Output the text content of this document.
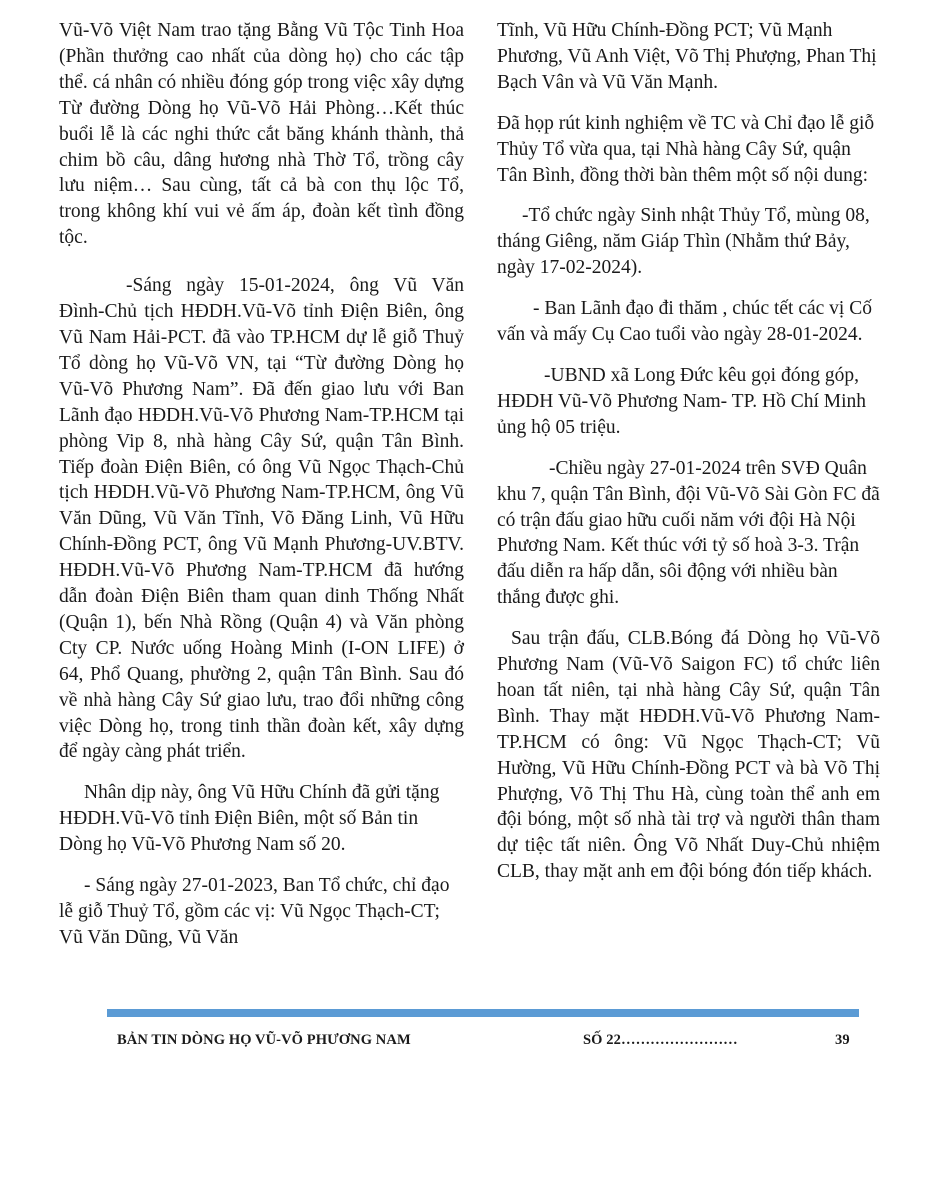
Vũ-Võ Việt Nam trao tặng Bằng Vũ Tộc Tinh Hoa (Phần thưởng cao nhất của dòng họ) cho các tập thể. cá nhân có nhiều đóng góp trong việc xây dựng Từ đường Dòng họ Vũ-Võ Hải Phòng…Kết thúc buổi lễ là các nghi thức cắt băng khánh thành, thả chim bồ câu, dâng hương nhà Thờ Tổ, trồng cây lưu niệm… Sau cùng, tất cả bà con thụ lộc Tổ, trong không khí vui vẻ ấm áp, đoàn kết tình đồng tộc.

-Sáng ngày 15-01-2024, ông Vũ Văn Đình-Chủ tịch HĐDH.Vũ-Võ tỉnh Điện Biên, ông Vũ Nam Hải-PCT. đã vào TP.HCM dự lễ giỗ Thuỷ Tổ dòng họ Vũ-Võ VN, tại “Từ đường Dòng họ Vũ-Võ Phương Nam”. Đã đến giao lưu với Ban Lãnh đạo HĐDH.Vũ-Võ Phương Nam-TP.HCM tại phòng Vip 8, nhà hàng Cây Sứ, quận Tân Bình. Tiếp đoàn Điện Biên, có ông Vũ Ngọc Thạch-Chủ tịch HĐDH.Vũ-Võ Phương Nam-TP.HCM, ông Vũ Văn Dũng, Vũ Văn Tĩnh, Võ Đăng Linh, Vũ Hữu Chính-Đồng PCT, ông Vũ Mạnh Phương-UV.BTV. HĐDH.Vũ-Võ Phương Nam-TP.HCM đã hướng dẫn đoàn Điện Biên tham quan dinh Thống Nhất (Quận 1), bến Nhà Rồng (Quận 4) và Văn phòng Cty CP. Nước uống Hoàng Minh (I-ON LIFE) ở 64, Phổ Quang, phường 2, quận Tân Bình. Sau đó về nhà hàng Cây Sứ giao lưu, trao đổi những công việc Dòng họ, trong tinh thần đoàn kết, xây dựng để ngày càng phát triển.

Nhân dịp này, ông Vũ Hữu Chính đã gửi tặng HĐDH.Vũ-Võ tỉnh Điện Biên, một số Bản tin Dòng họ Vũ-Võ Phương Nam số 20.

- Sáng ngày 27-01-2023, Ban Tổ chức, chỉ đạo lễ giỗ Thuỷ Tổ, gồm các vị: Vũ Ngọc Thạch-CT; Vũ Văn Dũng, Vũ Văn

Tĩnh, Vũ Hữu Chính-Đồng PCT; Vũ Mạnh Phương, Vũ Anh Việt, Võ Thị Phượng, Phan Thị Bạch Vân và Vũ Văn Mạnh.

Đã họp rút kinh nghiệm về TC và Chỉ đạo lễ giỗ Thủy Tổ vừa qua, tại Nhà hàng Cây Sứ, quận Tân Bình, đồng thời bàn thêm một số nội dung:

-Tổ chức ngày Sinh nhật Thủy Tổ, mùng 08, tháng Giêng, năm Giáp Thìn (Nhằm thứ Bảy, ngày 17-02-2024).

- Ban Lãnh đạo đi thăm , chúc tết các vị Cố vấn và mấy Cụ Cao tuổi vào ngày 28-01-2024.

-UBND xã Long Đức kêu gọi đóng góp, HĐDH Vũ-Võ Phương Nam- TP. Hồ Chí Minh ủng hộ 05 triệu.

-Chiều ngày 27-01-2024 trên SVĐ Quân khu 7, quận Tân Bình, đội Vũ-Võ Sài Gòn FC đã có trận đấu giao hữu cuối năm với đội Hà Nội Phương Nam. Kết thúc với tỷ số hoà 3-3. Trận đấu diễn ra hấp dẫn, sôi động với nhiều bàn thắng được ghi.

Sau trận đấu, CLB.Bóng đá Dòng họ Vũ-Võ Phương Nam (Vũ-Võ Saigon FC) tổ chức liên hoan tất niên, tại nhà hàng Cây Sứ, quận Tân Bình. Thay mặt HĐDH.Vũ-Võ Phương Nam-TP.HCM có ông: Vũ Ngọc Thạch-CT; Vũ Hường, Vũ Hữu Chính-Đồng PCT và bà Võ Thị Phượng, Võ Thị Thu Hà, cùng toàn thể anh em đội bóng, một số nhà tài trợ và người thân tham dự tiệc tất niên. Ông Võ Nhất Duy-Chủ nhiệm CLB, thay mặt anh em đội bóng đón tiếp khách.

BẢN TIN DÒNG HỌ VŨ-VÕ PHƯƠNG NAM	SỐ 22……………………	39
